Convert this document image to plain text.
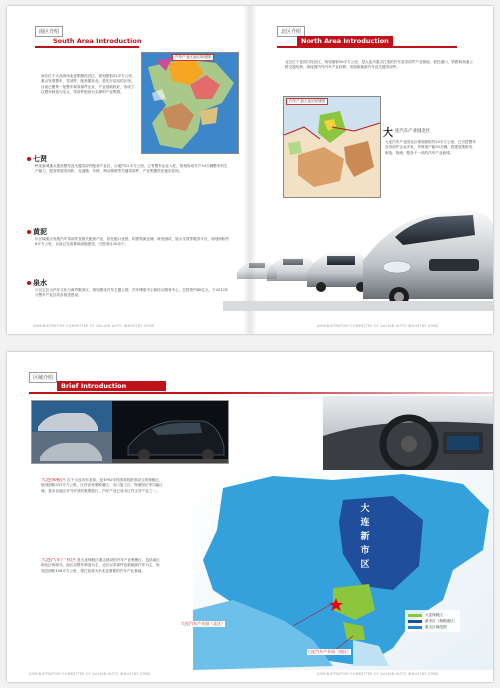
南区介绍
South Area Introduction
南区位于大连湾西北部旅顺经济区，规划面积52平方公里，重点发展整车、零部件、配套服务业，是先行启动的区块。目前已聚集一批整车和零部件企业，产业基础较好，形成了以整车制造为龙头、零部件配套为支撑的产业集群。
汽车产业区南区规划图
七贤
岭北新城重点建设整车及关键零部件配套产业区，占地约12平方公里，已有整车企业入驻，规划形成年产30万辆整车的生产能力，配套发展发动机、变速箱、车桥、制动系统等关键零部件，产业集聚效应逐步显现。
黄泥
川区域重点发展汽车零部件及相关配套产业，依托港口优势，构建物流仓储、研发测试、展示交易等服务平台，规划面积约8平方公里，目前已完成基础设施建设，引进项目20余个。
泉水
片区定位为汽车文化与商贸服务区，规划建设汽车主题公园、汽车博览中心和综合服务中心，总投资约40亿元，于2012年与整车产业区同步推进建设。
ADMINISTRATIVE COMMITTEE OF DALIAN AUTO INDUSTRY ZONE
北区介绍
North Area Introduction
北区位于花园口经济区，规划面积56平方公里，是大连市重点打造的汽车及零部件产业基地，依托港口、铁路和高速公路交通优势，承接国内外汽车产业转移，发展新能源汽车及关键零部件。
汽车产业区北区规划图
大 连汽车产业园北区
大连汽车产业园北区规划面积约20平方公里，已引进整车及零部件企业多家，年规划产能30万辆，将建成集研发、制造、物流、服务于一体的汽车产业新城。
ADMINISTRATIVE COMMITTEE OF DALIAN AUTO INDUSTRY ZONE
区域介绍
Brief Introduction
大连保税区 位于大连市东北部，是1992年经国务院批准设立的保税区，规划面积251平方公里，区内设有保税港区、出口加工区、物流园区等功能区域，是东北地区对外开放的重要窗口，汽车产业已成为区内主导产业之一。
大连汽车产业区 是大连保税区重点建设的汽车产业集聚区，包括南区和北区两部分。南区以整车制造为主，北区以零部件及新能源汽车为主，规划总面积108平方公里，将打造成为东北亚重要的汽车产业基地。
大
连
新
市
区
大连汽车产业园（北区）
大连汽车产业园（南区）
大连保税区
新市区（保税港区）
重点区域范围
ADMINISTRATIVE COMMITTEE OF DALIAN AUTO INDUSTRY ZONE	ADMINISTRATIVE COMMITTEE OF DALIAN AUTO INDUSTRY ZONE
